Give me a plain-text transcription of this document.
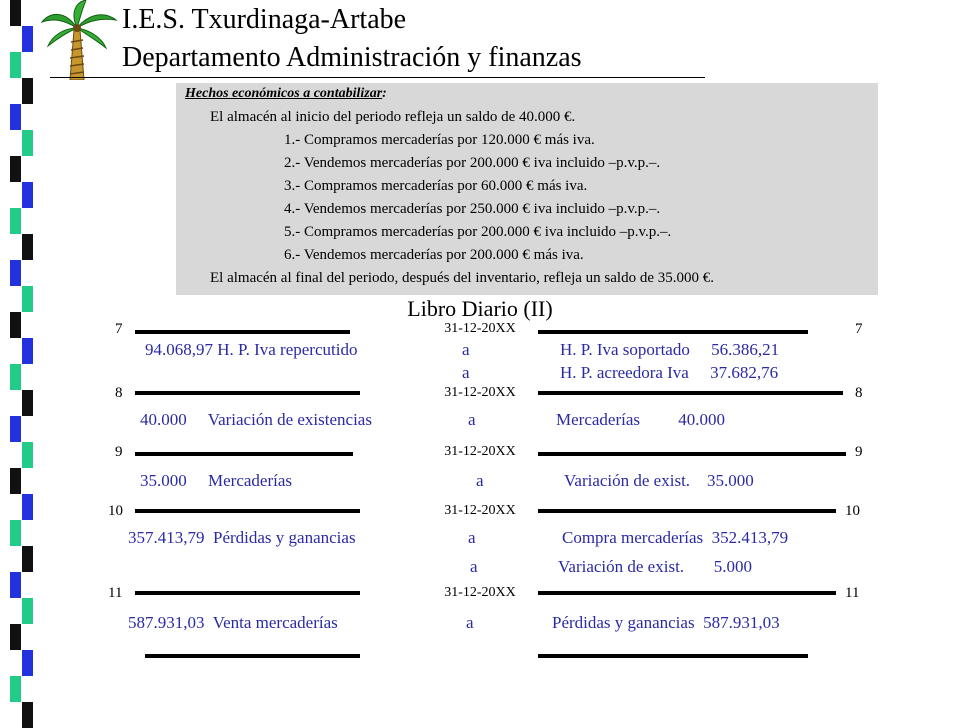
I.E.S. Txurdinaga-Artabe
Departamento Administración y finanzas
Hechos económicos a contabilizar:
El almacén al inicio del periodo refleja un saldo de 40.000 €.
1.- Compramos mercaderías por 120.000 € más iva.
2.- Vendemos mercaderías por 200.000 € iva incluido –p.v.p.–.
3.- Compramos mercaderías por 60.000 € más iva.
4.- Vendemos mercaderías por 250.000 € iva incluido –p.v.p.–.
5.- Compramos mercaderías por 200.000 € iva incluido –p.v.p.–.
6.- Vendemos mercaderías por 200.000 € más iva.
El almacén al final del periodo, después del inventario, refleja un saldo de 35.000 €.
Libro Diario (II)
7	7
31-12-20XX
94.068,97 H. P. Iva repercutido	a	H. P. Iva soportado     56.386,21
a	H. P. acreedora Iva     37.682,76
8	8
31-12-20XX
40.000     Variación de existencias	a	Mercaderías         40.000
9	9
31-12-20XX
35.000     Mercaderías	a	Variación de exist.    35.000
10	10
31-12-20XX
357.413,79  Pérdidas y ganancias	a	Compra mercaderías  352.413,79
a	Variación de exist.       5.000
11	11
31-12-20XX
587.931,03  Venta mercaderías	a	Pérdidas y ganancias  587.931,03
